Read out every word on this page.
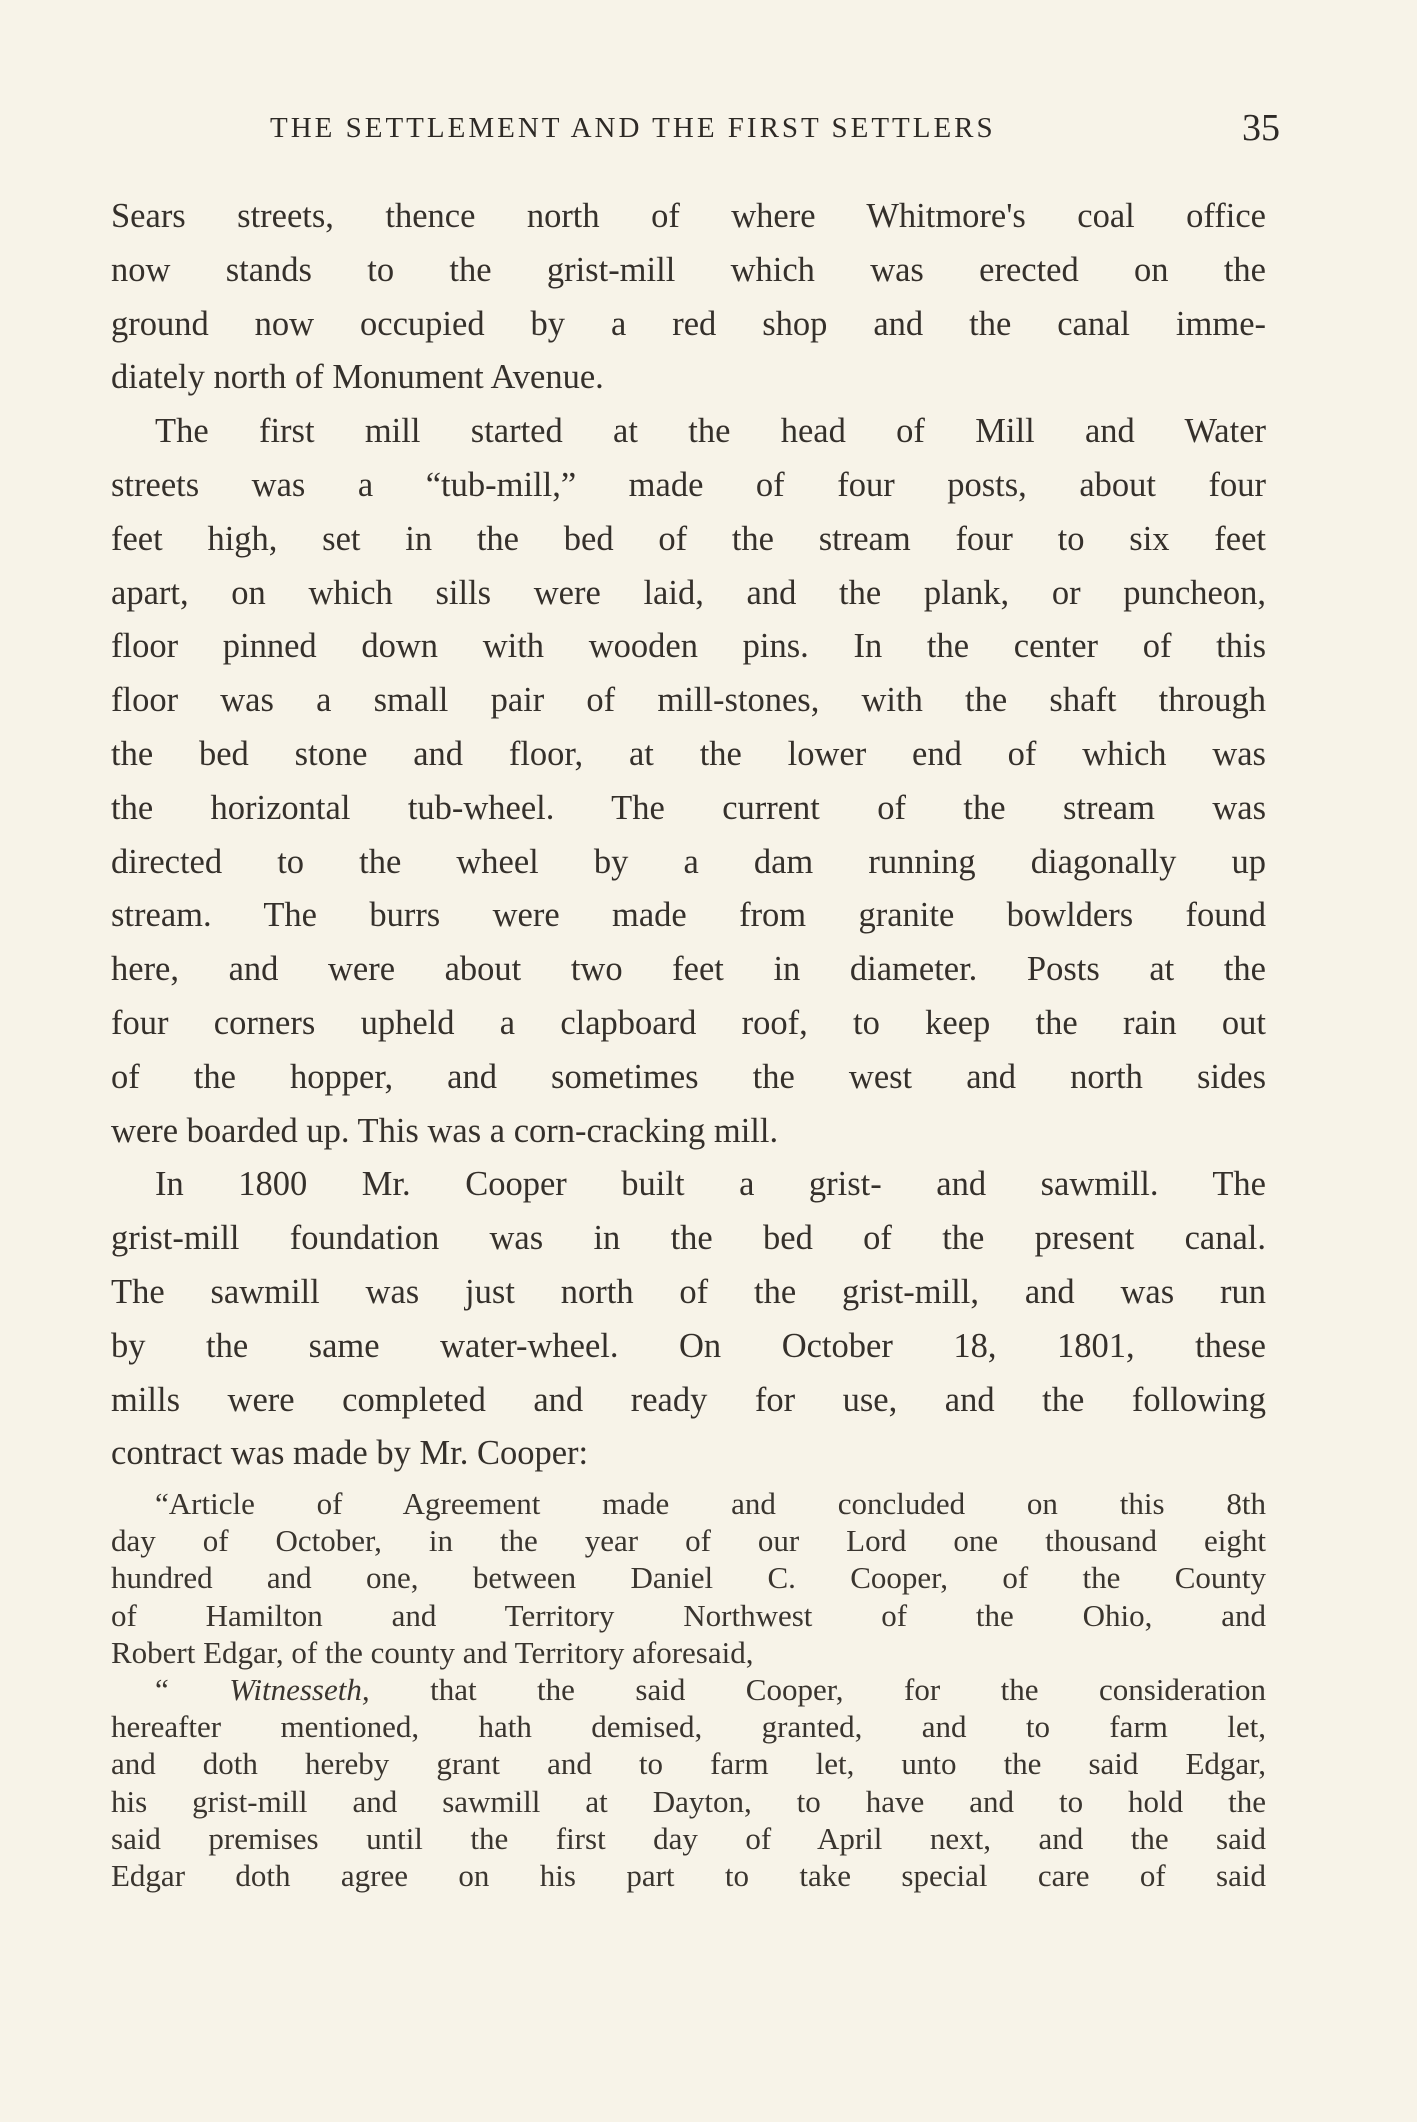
THE SETTLEMENT AND THE FIRST SETTLERS	35
Sears streets, thence north of where Whitmore's coal office
now stands to the grist-mill which was erected on the
ground now occupied by a red shop and the canal imme-
diately north of Monument Avenue.
The first mill started at the head of Mill and Water
streets was a “tub-mill,” made of four posts, about four
feet high, set in the bed of the stream four to six feet
apart, on which sills were laid, and the plank, or puncheon,
floor pinned down with wooden pins. In the center of this
floor was a small pair of mill-stones, with the shaft through
the bed stone and floor, at the lower end of which was
the horizontal tub-wheel. The current of the stream was
directed to the wheel by a dam running diagonally up
stream. The burrs were made from granite bowlders found
here, and were about two feet in diameter. Posts at the
four corners upheld a clapboard roof, to keep the rain out
of the hopper, and sometimes the west and north sides
were boarded up. This was a corn-cracking mill.
In 1800 Mr. Cooper built a grist- and sawmill. The
grist-mill foundation was in the bed of the present canal.
The sawmill was just north of the grist-mill, and was run
by the same water-wheel. On October 18, 1801, these
mills were completed and ready for use, and the following
contract was made by Mr. Cooper:
“Article of Agreement made and concluded on this 8th
day of October, in the year of our Lord one thousand eight
hundred and one, between Daniel C. Cooper, of the County
of Hamilton and Territory Northwest of the Ohio, and
Robert Edgar, of the county and Territory aforesaid,
“ Witnesseth, that the said Cooper, for the consideration
hereafter mentioned, hath demised, granted, and to farm let,
and doth hereby grant and to farm let, unto the said Edgar,
his grist-mill and sawmill at Dayton, to have and to hold the
said premises until the first day of April next, and the said
Edgar doth agree on his part to take special care of said
